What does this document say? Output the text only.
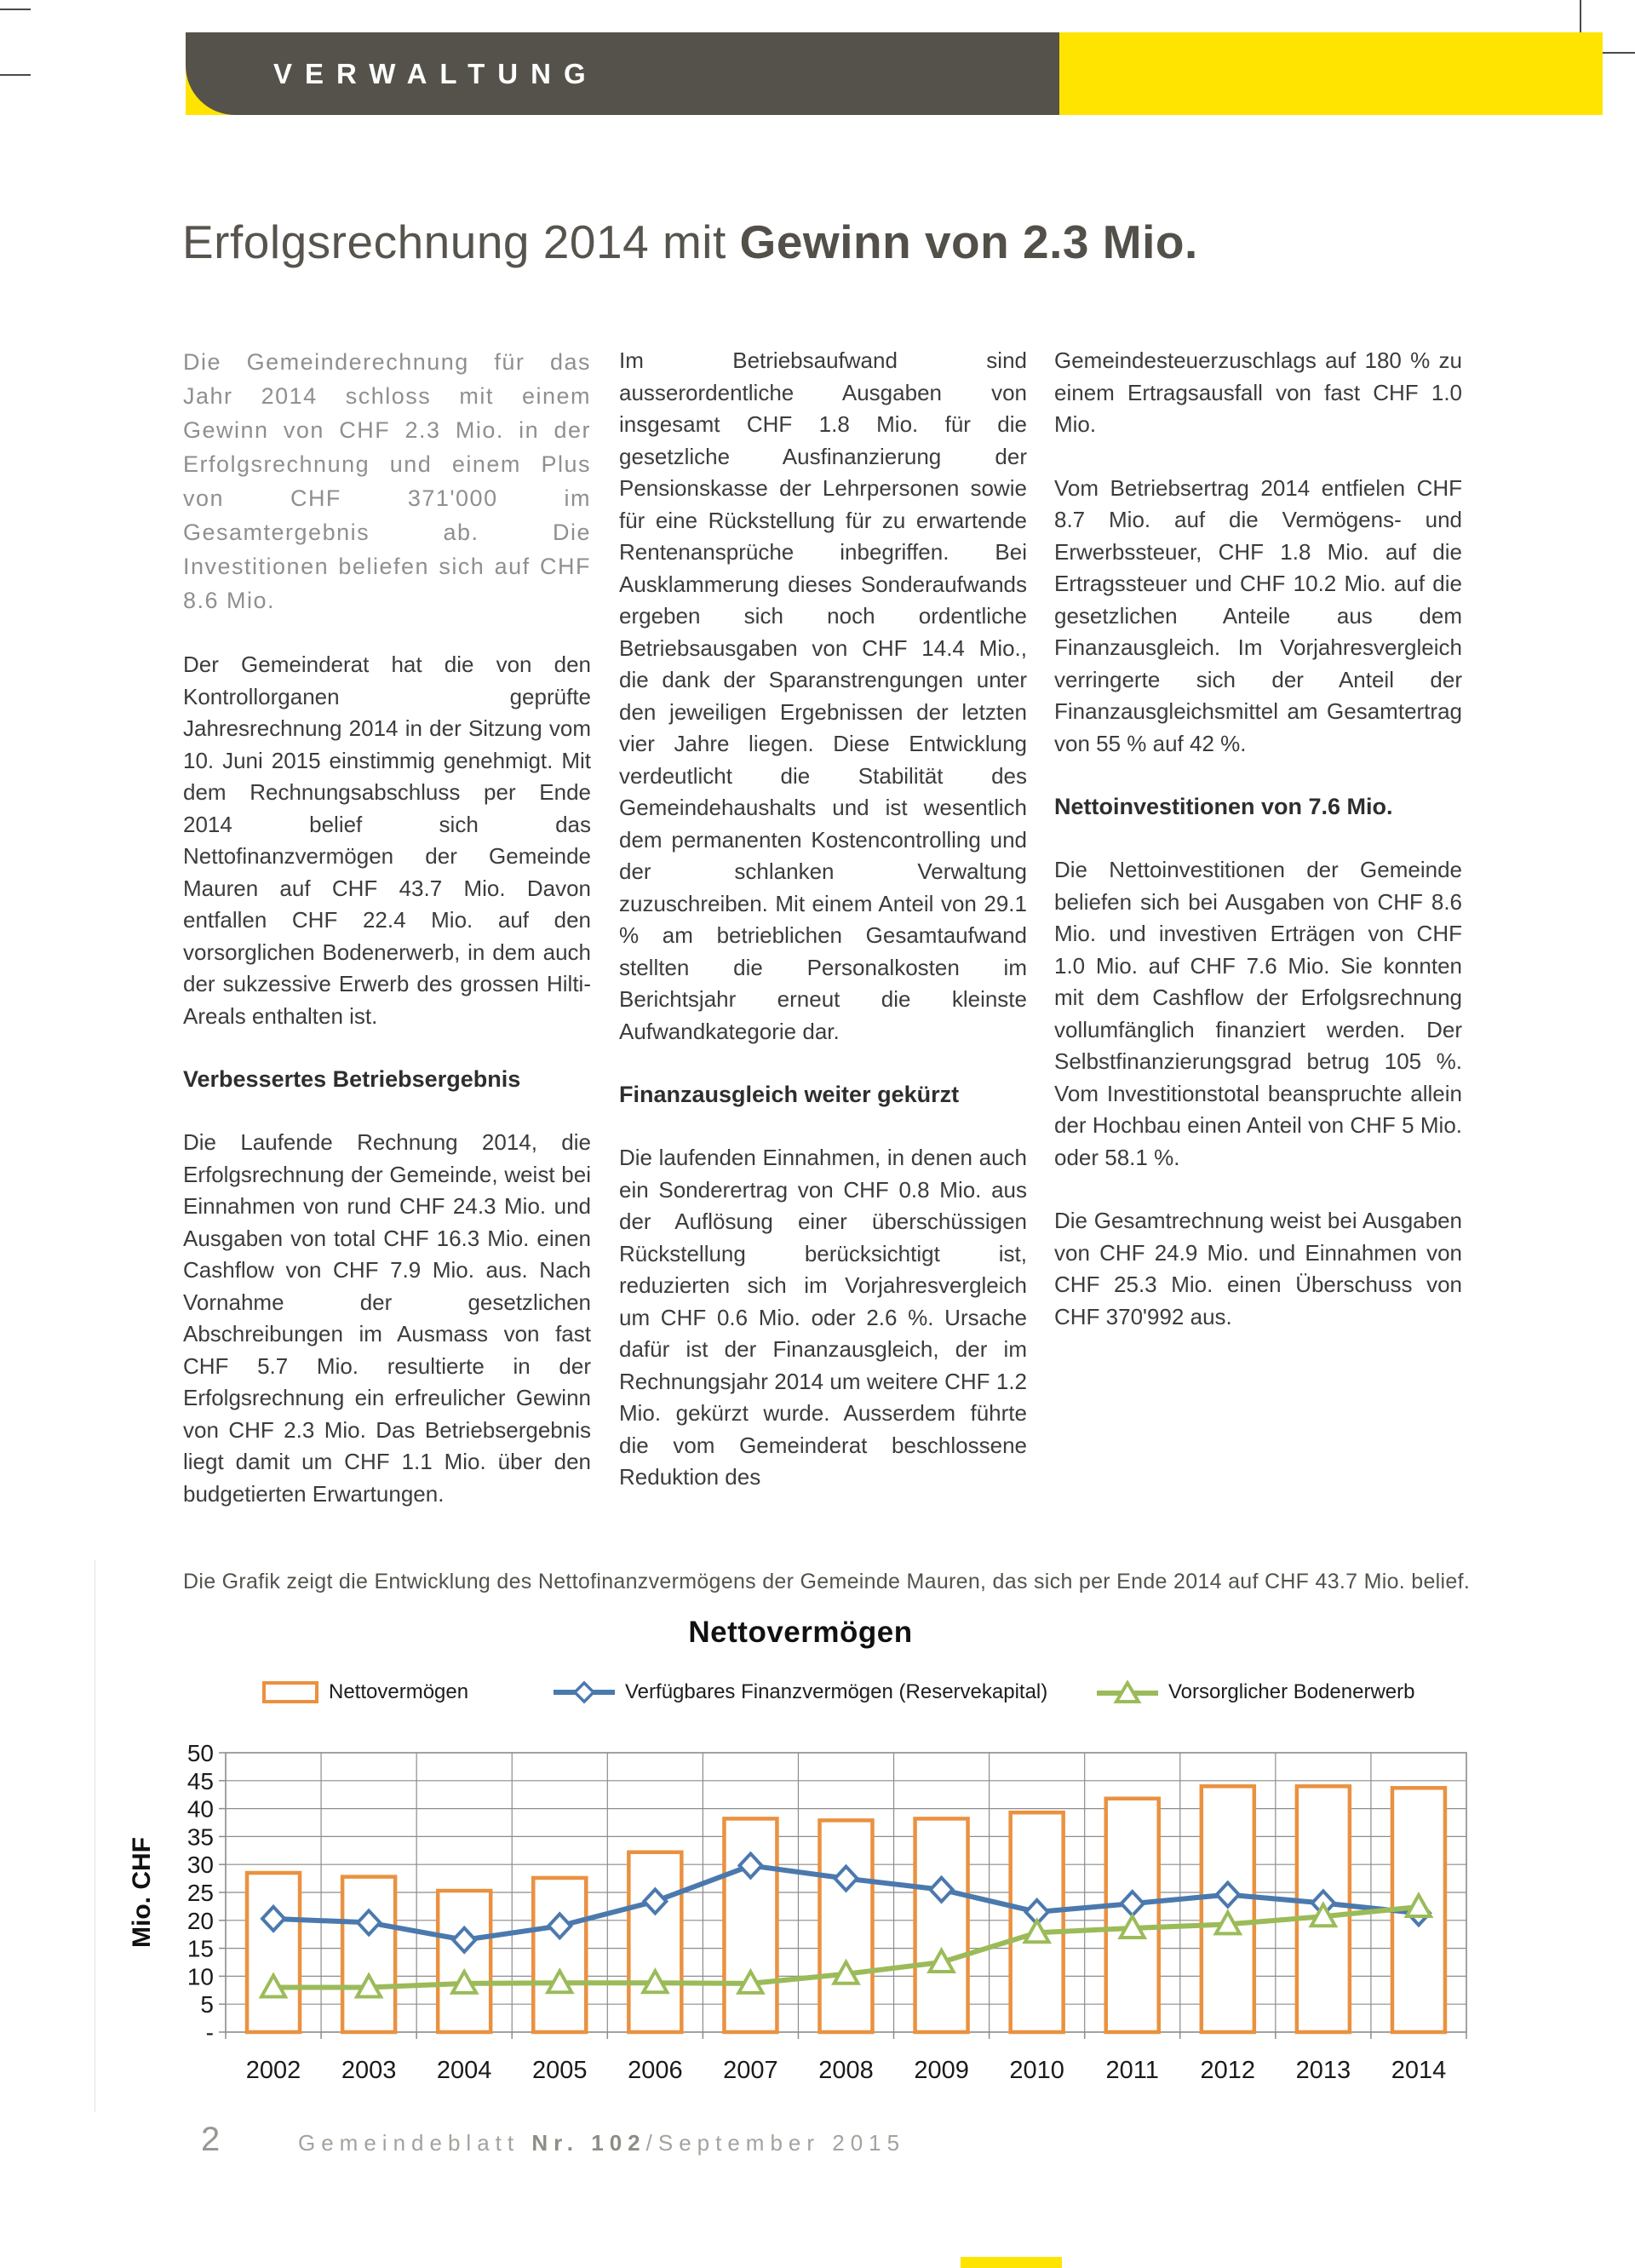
VERWALTUNG
Erfolgsrechnung 2014 mit Gewinn von 2.3 Mio.

Die Gemeinderechnung für das Jahr 2014 schloss mit einem Gewinn von CHF 2.3 Mio. in der Erfolgsrechnung und einem Plus von CHF 371'000 im Gesamtergebnis ab. Die Investitionen beliefen sich auf CHF 8.6 Mio.

Der Gemeinderat hat die von den Kontrollorganen geprüfte Jahresrechnung 2014 in der Sitzung vom 10. Juni 2015 einstimmig genehmigt. Mit dem Rechnungsabschluss per Ende 2014 belief sich das Nettofinanzvermögen der Gemeinde Mauren auf CHF 43.7 Mio. Davon entfallen CHF 22.4 Mio. auf den vorsorglichen Bodenerwerb, in dem auch der sukzessive Erwerb des grossen Hilti-Areals enthalten ist.

Verbessertes Betriebsergebnis

Die Laufende Rechnung 2014, die Erfolgsrechnung der Gemeinde, weist bei Einnahmen von rund CHF 24.3 Mio. und Ausgaben von total CHF 16.3 Mio. einen Cashflow von CHF 7.9 Mio. aus. Nach Vornahme der gesetzlichen Abschreibungen im Ausmass von fast CHF 5.7 Mio. resultierte in der Erfolgsrechnung ein erfreulicher Gewinn von CHF 2.3 Mio. Das Betriebsergebnis liegt damit um CHF 1.1 Mio. über den budgetierten Erwartungen.

Im Betriebsaufwand sind ausserordentliche Ausgaben von insgesamt CHF 1.8 Mio. für die gesetzliche Ausfinanzierung der Pensionskasse der Lehrpersonen sowie für eine Rückstellung für zu erwartende Rentenansprüche inbegriffen. Bei Ausklammerung dieses Sonderaufwands ergeben sich noch ordentliche Betriebsausgaben von CHF 14.4 Mio., die dank der Sparanstrengungen unter den jeweiligen Ergebnissen der letzten vier Jahre liegen. Diese Entwicklung verdeutlicht die Stabilität des Gemeindehaushalts und ist wesentlich dem permanenten Kostencontrolling und der schlanken Verwaltung zuzuschreiben. Mit einem Anteil von 29.1 % am betrieblichen Gesamtaufwand stellten die Personalkosten im Berichtsjahr erneut die kleinste Aufwandkategorie dar.

Finanzausgleich weiter gekürzt

Die laufenden Einnahmen, in denen auch ein Sonderertrag von CHF 0.8 Mio. aus der Auflösung einer überschüssigen Rückstellung berücksichtigt ist, reduzierten sich im Vorjahresvergleich um CHF 0.6 Mio. oder 2.6 %. Ursache dafür ist der Finanzausgleich, der im Rechnungsjahr 2014 um weitere CHF 1.2 Mio. gekürzt wurde. Ausserdem führte die vom Gemeinderat beschlossene Reduktion des

Gemeindesteuerzuschlags auf 180 % zu einem Ertragsausfall von fast CHF 1.0 Mio.

Vom Betriebsertrag 2014 entfielen CHF 8.7 Mio. auf die Vermögens- und Erwerbssteuer, CHF 1.8 Mio. auf die Ertragssteuer und CHF 10.2 Mio. auf die gesetzlichen Anteile aus dem Finanzausgleich. Im Vorjahresvergleich verringerte sich der Anteil der Finanzausgleichsmittel am Gesamtertrag von 55 % auf 42 %.

Nettoinvestitionen von 7.6 Mio.

Die Nettoinvestitionen der Gemeinde beliefen sich bei Ausgaben von CHF 8.6 Mio. und investiven Erträgen von CHF 1.0 Mio. auf CHF 7.6 Mio. Sie konnten mit dem Cashflow der Erfolgsrechnung vollumfänglich finanziert werden. Der Selbstfinanzierungsgrad betrug 105 %. Vom Investitionstotal beanspruchte allein der Hochbau einen Anteil von CHF 5 Mio. oder 58.1 %.

Die Gesamtrechnung weist bei Ausgaben von CHF 24.9 Mio. und Einnahmen von CHF 25.3 Mio. einen Überschuss von CHF 370'992 aus.

Die Grafik zeigt die Entwicklung des Nettofinanzvermögens der Gemeinde Mauren, das sich per Ende 2014 auf CHF 43.7 Mio. belief.
Nettovermögen
Nettovermögen	Verfügbares Finanzvermögen (Reservekapital)	Vorsorglicher Bodenerwerb
-
5
10
15
20
25
30
35
40
45
50
Mio. CHF
2002 2003 2004 2005 2006 2007 2008 2009 2010 2011 2012 2013 2014
2	Gemeindeblatt Nr. 102/September 2015
